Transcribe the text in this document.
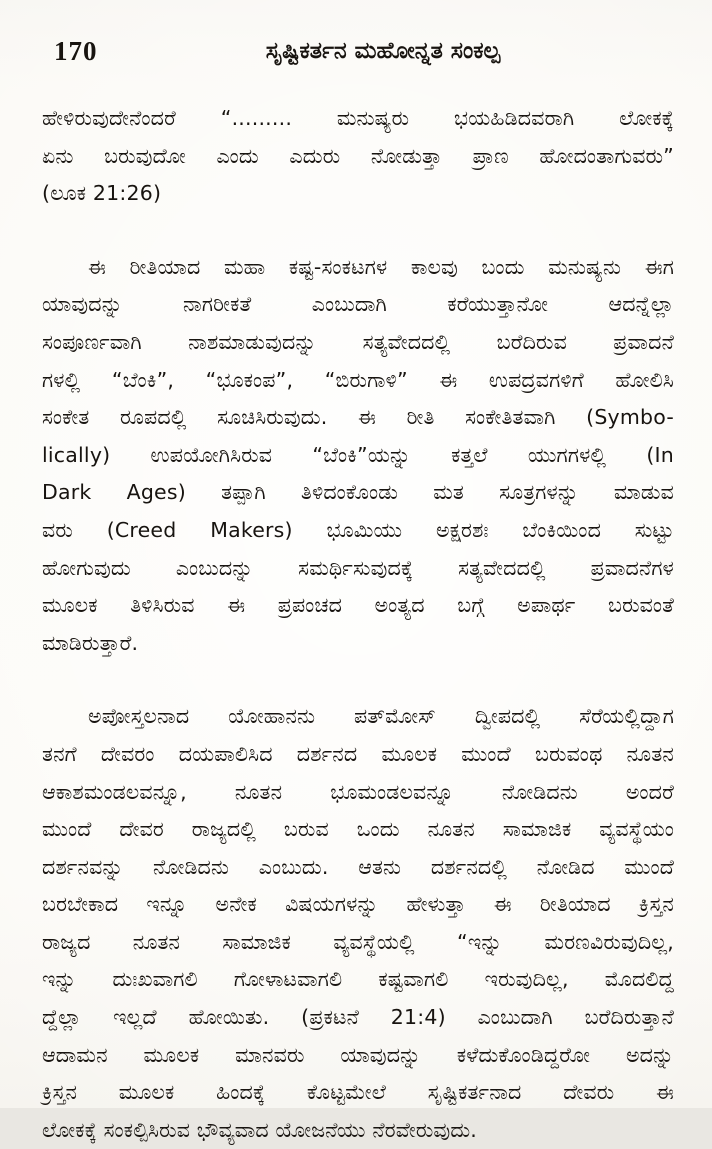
170	ಸೃಷ್ಟಿಕರ್ತನ ಮಹೋನ್ನತ ಸಂಕಲ್ಪ
ಹೇಳಿರುವುದೇನೆಂದರೆ “......... ಮನುಷ್ಯರು ಭಯಹಿಡಿದವರಾಗಿ ಲೋಕಕ್ಕೆ
ಏನು ಬರುವುದೋ ಎಂದು ಎದುರು ನೋಡುತ್ತಾ ಪ್ರಾಣ ಹೋದಂತಾಗುವರು”
(ಲೂಕ 21:26)
ಈ ರೀತಿಯಾದ ಮಹಾ ಕಷ್ಟ-ಸಂಕಟಗಳ ಕಾಲವು ಬಂದು ಮನುಷ್ಯನು ಈಗ
ಯಾವುದನ್ನು ನಾಗರೀಕತೆ ಎಂಬುದಾಗಿ ಕರೆಯುತ್ತಾನೋ ಆದನ್ನೆಲ್ಲಾ
ಸಂಪೂರ್ಣವಾಗಿ ನಾಶಮಾಡುವುದನ್ನು ಸತ್ಯವೇದದಲ್ಲಿ ಬರೆದಿರುವ ಪ್ರವಾದನೆ
ಗಳಲ್ಲಿ “ಬೆಂಕಿ”, “ಭೂಕಂಪ”, “ಬಿರುಗಾಳಿ” ಈ ಉಪದ್ರವಗಳಿಗೆ ಹೋಲಿಸಿ
ಸಂಕೇತ ರೂಪದಲ್ಲಿ ಸೂಚಿಸಿರುವುದು. ಈ ರೀತಿ ಸಂಕೇತಿತವಾಗಿ (Symbo-
lically) ಉಪಯೋಗಿಸಿರುವ “ಬೆಂಕಿ”ಯನ್ನು ಕತ್ತಲೆ ಯುಗಗಳಲ್ಲಿ (In
Dark Ages) ತಪ್ಪಾಗಿ ತಿಳಿದಂಕೊಂಡು ಮತ ಸೂತ್ರಗಳನ್ನು ಮಾಡುವ
ವರು (Creed Makers) ಭೂಮಿಯು ಅಕ್ಷರಶಃ ಬೆಂಕಿಯಿಂದ ಸುಟ್ಟು
ಹೋಗುವುದು ಎಂಬುದನ್ನು ಸಮರ್ಥಿಸುವುದಕ್ಕೆ ಸತ್ಯವೇದದಲ್ಲಿ ಪ್ರವಾದನೆಗಳ
ಮೂಲಕ ತಿಳಿಸಿರುವ ಈ ಪ್ರಪಂಚದ ಅಂತ್ಯದ ಬಗ್ಗೆ ಅಪಾರ್ಥ ಬರುವಂತೆ
ಮಾಡಿರುತ್ತಾರೆ.
ಅಪೋಸ್ತಲನಾದ ಯೋಹಾನನು ಪತ್‌ಮೋಸ್ ದ್ವೀಪದಲ್ಲಿ ಸೆರೆಯಲ್ಲಿದ್ದಾಗ
ತನಗೆ ದೇವರಂ ದಯಪಾಲಿಸಿದ ದರ್ಶನದ ಮೂಲಕ ಮುಂದೆ ಬರುವಂಥ ನೂತನ
ಆಕಾಶಮಂಡಲವನ್ನೂ, ನೂತನ ಭೂಮಂಡಲವನ್ನೂ ನೋಡಿದನು ಅಂದರೆ
ಮುಂದೆ ದೇವರ ರಾಜ್ಯದಲ್ಲಿ ಬರುವ ಒಂದು ನೂತನ ಸಾಮಾಜಿಕ ವ್ಯವಸ್ಥೆಯಂ
ದರ್ಶನವನ್ನು ನೋಡಿದನು ಎಂಬುದು. ಆತನು ದರ್ಶನದಲ್ಲಿ ನೋಡಿದ ಮುಂದೆ
ಬರಬೇಕಾದ ಇನ್ನೂ ಅನೇಕ ವಿಷಯಗಳನ್ನು ಹೇಳುತ್ತಾ ಈ ರೀತಿಯಾದ ಕ್ರಿಸ್ತನ
ರಾಜ್ಯದ ನೂತನ ಸಾಮಾಜಿಕ ವ್ಯವಸ್ಥೆಯಲ್ಲಿ “ಇನ್ನು ಮರಣವಿರುವುದಿಲ್ಲ,
ಇನ್ನು ದುಃಖವಾಗಲಿ ಗೋಳಾಟವಾಗಲಿ ಕಷ್ಟವಾಗಲಿ ಇರುವುದಿಲ್ಲ, ಮೊದಲಿದ್ದ
ದ್ದೆಲ್ಲಾ ಇಲ್ಲದೆ ಹೋಯಿತು. (ಪ್ರಕಟನೆ 21:4) ಎಂಬುದಾಗಿ ಬರೆದಿರುತ್ತಾನೆ
ಆದಾಮನ ಮೂಲಕ ಮಾನವರು ಯಾವುದನ್ನು ಕಳೆದುಕೊಂಡಿದ್ದರೋ ಅದನ್ನು
ಕ್ರಿಸ್ತನ ಮೂಲಕ ಹಿಂದಕ್ಕೆ ಕೊಟ್ಟಮೇಲೆ ಸೃಷ್ಟಿಕರ್ತನಾದ ದೇವರು ಈ
ಲೋಕಕ್ಕೆ ಸಂಕಲ್ಪಿಸಿರುವ ಭೌವ್ಯವಾದ ಯೋಜನೆಯು ನೆರವೇರುವುದು.
